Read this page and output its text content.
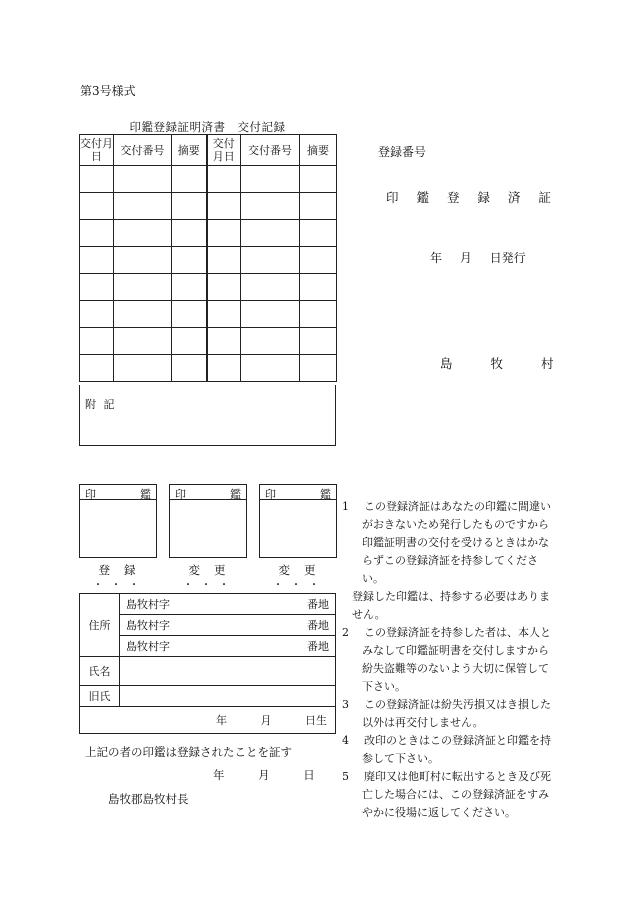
第3号様式
印鑑登録証明済書　交付記録
交付月日	交付番号	摘要	交付月日	交付番号	摘要

附 記
登録番号
印 鑑 登 録 済 証
年 月 日発行
島 牧 村
印	鑑 印	鑑 印	鑑
登録	変更	変更
・・・	・・・	・・・
住所	島牧村字 番地

	島牧村字 番地

	島牧村字 番地

氏名	
旧氏	
年 月 日生	
上記の者の印鑑は登録されたことを証す
年 月 日
島牧郡島牧村長

1 この登録済証はあなたの印鑑に間違いがおきないため発行したものですから印鑑証明書の交付を受けるときはかならずこの登録済証を持参してください。

登録した印鑑は、持参する必要はありません。

2 この登録済証を持参した者は、本人とみなして印鑑証明書を交付しますから紛失盗難等のないよう大切に保管して下さい。

3 この登録済証は紛失汚損又はき損した以外は再交付しません。

4 改印のときはこの登録済証と印鑑を持参して下さい。

5 廃印又は他町村に転出するとき及び死亡した場合には、この登録済証をすみやかに役場に返してください。
